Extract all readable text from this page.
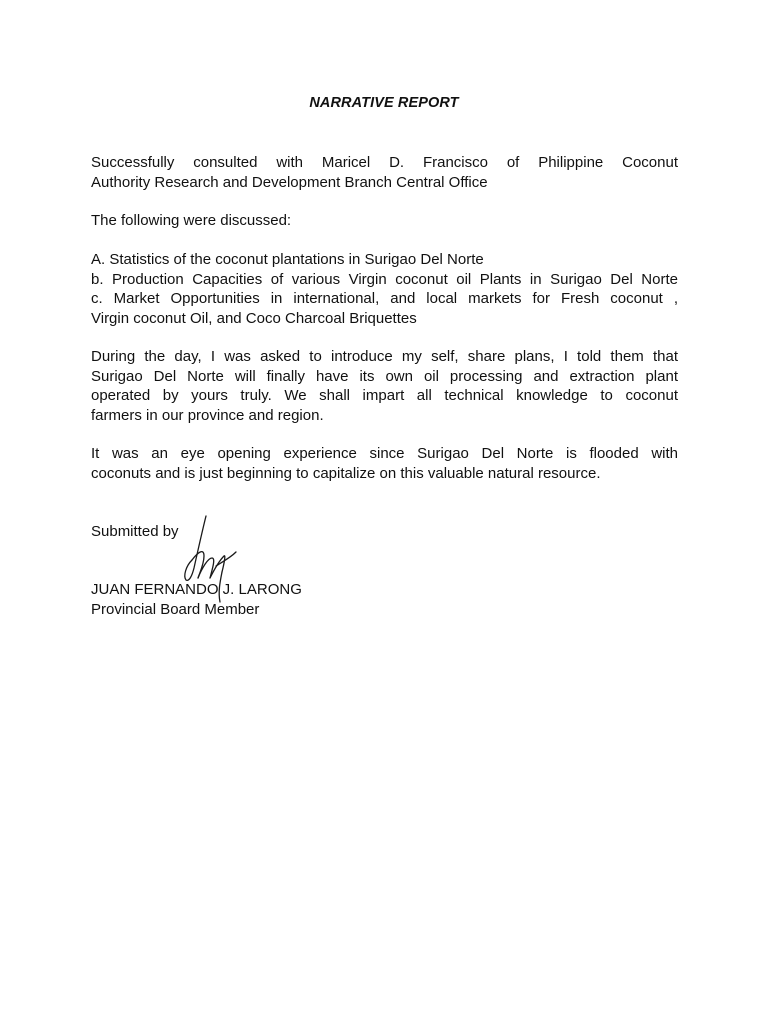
NARRATIVE REPORT
Successfully consulted with Maricel D. Francisco of Philippine Coconut
Authority Research and Development Branch Central Office
The following were discussed:
A. Statistics of the coconut plantations in Surigao Del Norte
b. Production Capacities of various Virgin coconut oil Plants in Surigao Del Norte
c. Market Opportunities in international, and local markets for Fresh coconut ,
Virgin coconut Oil, and Coco Charcoal Briquettes
During the day, I was asked to introduce my self, share plans, I told them that
Surigao Del Norte will finally have its own oil processing and extraction plant
operated by yours truly. We shall impart all technical knowledge to coconut
farmers in our province and region.
It was an eye opening experience since Surigao Del Norte is flooded with
coconuts and is just beginning to capitalize on this valuable natural resource.
Submitted by
JUAN FERNANDO J. LARONG
Provincial Board Member
